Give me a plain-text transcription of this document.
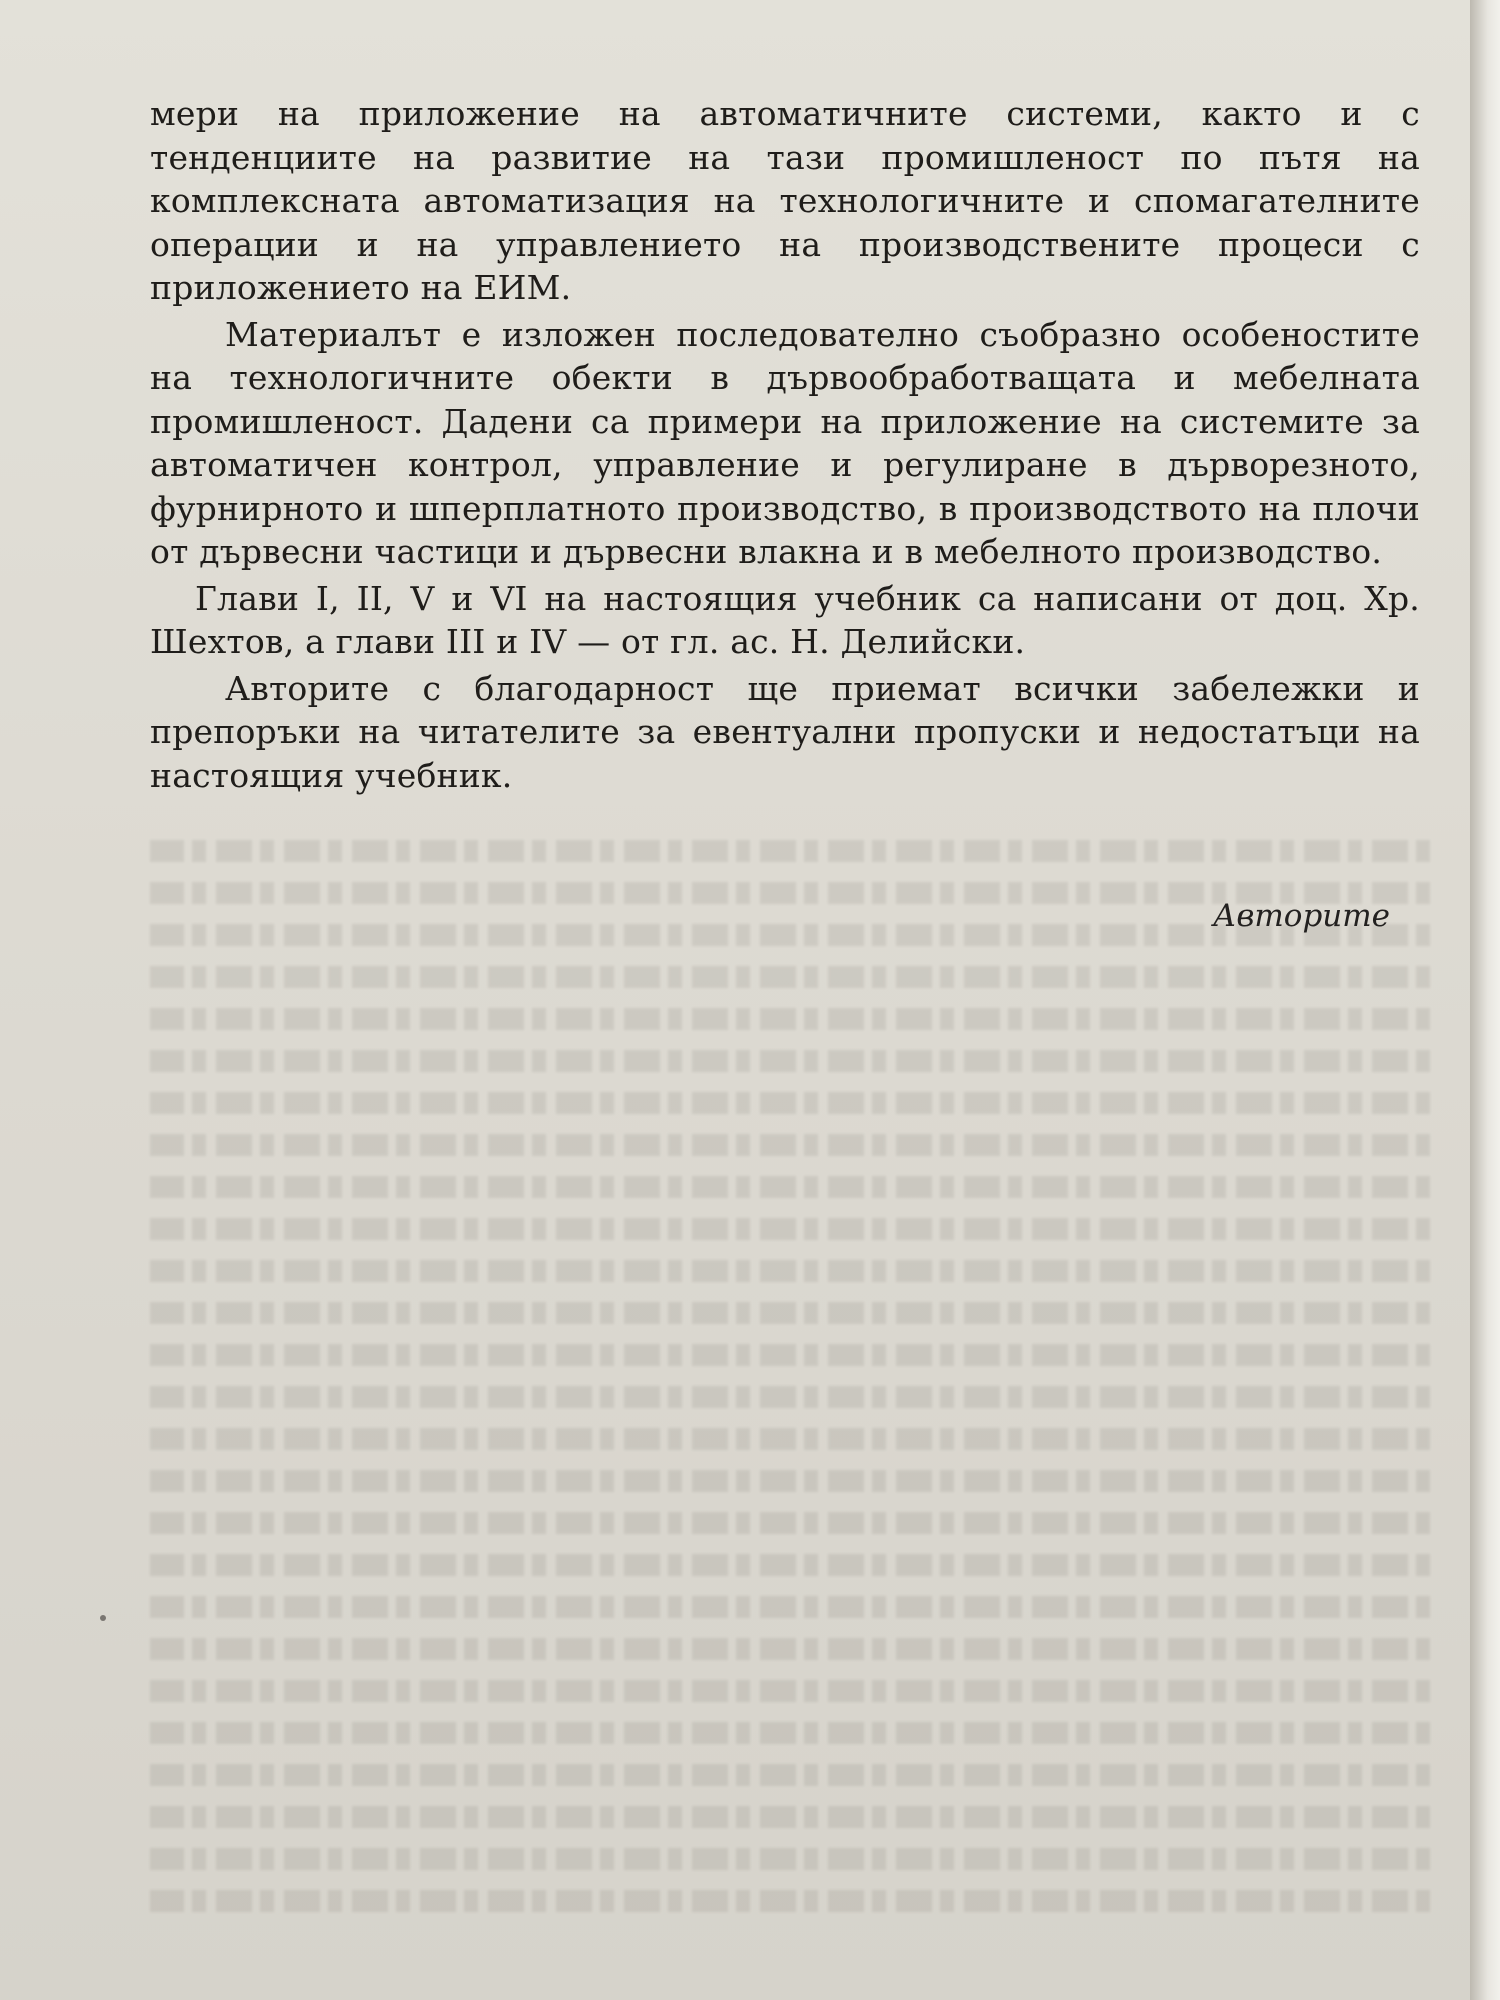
мери на приложение на автоматичните системи, както и с тенденциите на развитие на тази промишленост по пътя на комплексната автоматизация на технологичните и спомагателните операции и на управлението на производствените процеси с приложението на ЕИМ.

Материалът е изложен последователно съобразно особеностите на технологичните обекти в дървообработващата и мебелната промишленост. Дадени са примери на приложение на системите за автоматичен контрол, управление и регулиране в дърворезното, фурнирното и шперплатното производство, в производството на плочи от дървесни частици и дървесни влакна и в мебелното производство.

Глави I, II, V и VI на настоящия учебник са написани от доц. Хр. Шехтов, а глави III и IV — от гл. ас. Н. Делийски.

Авторите с благодарност ще приемат всички забележки и препоръки на читателите за евентуални пропуски и недостатъци на настоящия учебник.

Авторите
